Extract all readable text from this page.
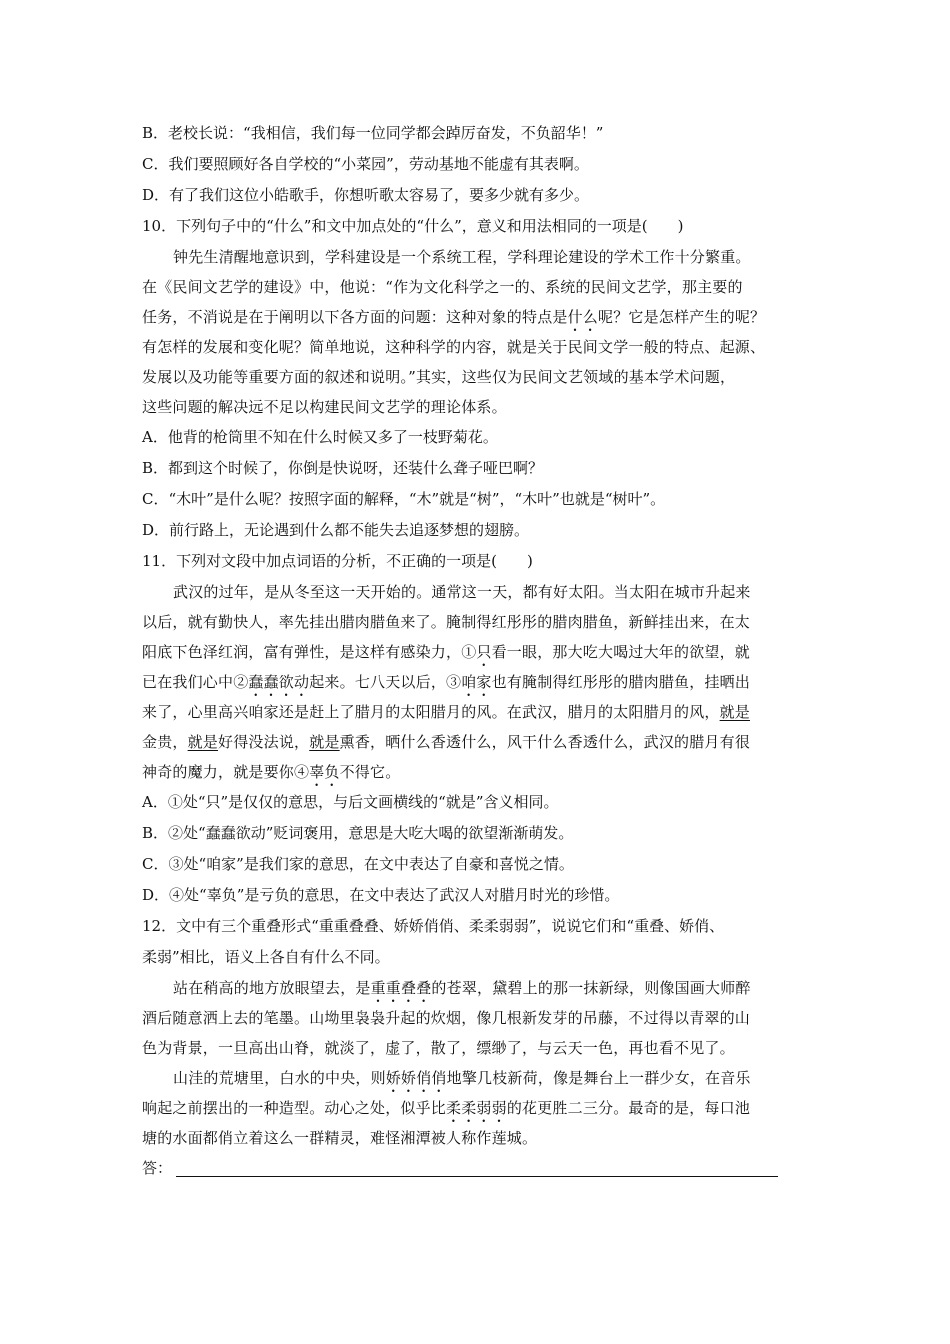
B．老校长说：“我相信，我们每一位同学都会踔厉奋发，不负韶华！”
C．我们要照顾好各自学校的“小菜园”，劳动基地不能虚有其表啊。
D．有了我们这位小皓歌手，你想听歌太容易了，要多少就有多少。
10．下列句子中的“什么”和文中加点处的“什么”，意义和用法相同的一项是(　　)
钟先生清醒地意识到，学科建设是一个系统工程，学科理论建设的学术工作十分繁重。
在《民间文艺学的建设》中，他说：“作为文化科学之一的、系统的民间文艺学，那主要的
任务，不消说是在于阐明以下各方面的问题：这种对象的特点是什么呢？它是怎样产生的呢？
有怎样的发展和变化呢？简单地说，这种科学的内容，就是关于民间文学一般的特点、起源、
发展以及功能等重要方面的叙述和说明。”其实，这些仅为民间文艺领域的基本学术问题，
这些问题的解决远不足以构建民间文艺学的理论体系。
A．他背的枪筒里不知在什么时候又多了一枝野菊花。
B．都到这个时候了，你倒是快说呀，还装什么聋子哑巴啊？
C．“木叶”是什么呢？按照字面的解释，“木”就是“树”，“木叶”也就是“树叶”。
D．前行路上，无论遇到什么都不能失去追逐梦想的翅膀。
11．下列对文段中加点词语的分析，不正确的一项是(　　)
武汉的过年，是从冬至这一天开始的。通常这一天，都有好太阳。当太阳在城市升起来
以后，就有勤快人，率先挂出腊肉腊鱼来了。腌制得红彤彤的腊肉腊鱼，新鲜挂出来，在太
阳底下色泽红润，富有弹性，是这样有感染力，①只看一眼，那大吃大喝过大年的欲望，就
已在我们心中②蠢蠢欲动起来。七八天以后，③咱家也有腌制得红彤彤的腊肉腊鱼，挂晒出
来了，心里高兴咱家还是赶上了腊月的太阳腊月的风。在武汉，腊月的太阳腊月的风，就是
金贵，就是好得没法说，就是熏香，晒什么香透什么，风干什么香透什么，武汉的腊月有很
神奇的魔力，就是要你④辜负不得它。
A．①处“只”是仅仅的意思，与后文画横线的“就是”含义相同。
B．②处“蠢蠢欲动”贬词褒用，意思是大吃大喝的欲望渐渐萌发。
C．③处“咱家”是我们家的意思，在文中表达了自豪和喜悦之情。
D．④处“辜负”是亏负的意思，在文中表达了武汉人对腊月时光的珍惜。
12．文中有三个重叠形式“重重叠叠、娇娇俏俏、柔柔弱弱”，说说它们和“重叠、娇俏、
柔弱”相比，语义上各自有什么不同。
站在稍高的地方放眼望去，是重重叠叠的苍翠，黛碧上的那一抹新绿，则像国画大师醉
酒后随意洒上去的笔墨。山坳里袅袅升起的炊烟，像几根新发芽的吊藤，不过得以青翠的山
色为背景，一旦高出山脊，就淡了，虚了，散了，缥缈了，与云天一色，再也看不见了。
山洼的荒塘里，白水的中央，则娇娇俏俏地擎几枝新荷，像是舞台上一群少女，在音乐
响起之前摆出的一种造型。动心之处，似乎比柔柔弱弱的花更胜二三分。最奇的是，每口池
塘的水面都俏立着这么一群精灵，难怪湘潭被人称作莲城。
答：
